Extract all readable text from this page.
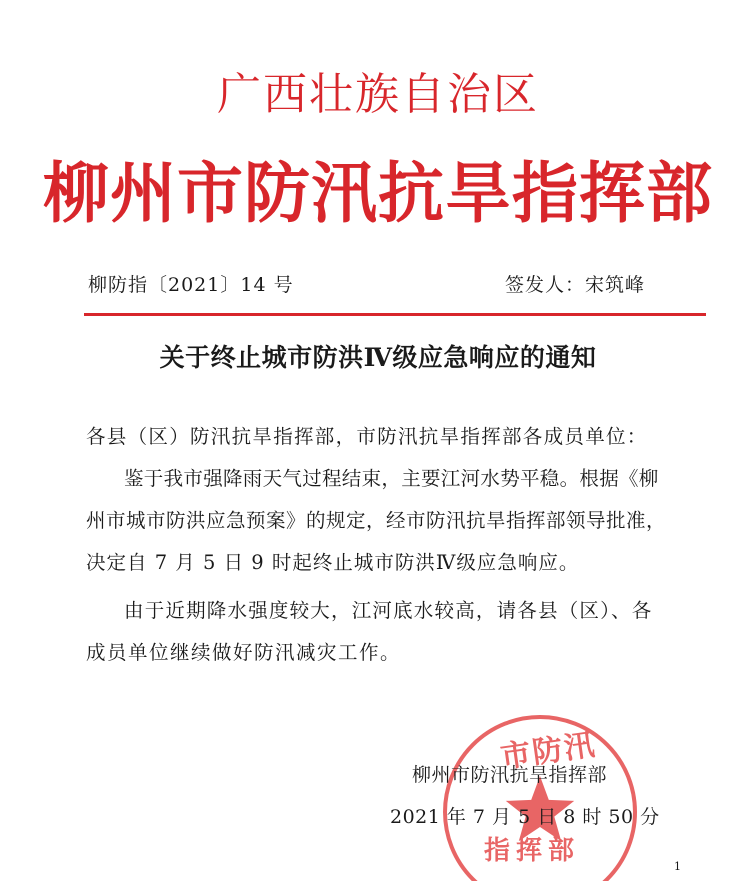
广西壮族自治区
柳州市防汛抗旱指挥部
柳防指〔2021〕14 号	签发人：宋筑峰
关于终止城市防洪Ⅳ级应急响应的通知
各县（区）防汛抗旱指挥部，市防汛抗旱指挥部各成员单位：
鉴于我市强降雨天气过程结束，主要江河水势平稳。根据《柳
州市城市防洪应急预案》的规定，经市防汛抗旱指挥部领导批准，
决定自 7 月 5 日 9 时起终止城市防洪Ⅳ级应急响应。
由于近期降水强度较大，江河底水较高，请各县（区）、各
成员单位继续做好防汛减灾工作。
市防汛
指挥部
柳州市防汛抗旱指挥部
2021 年 7 月 5 日 8 时 50 分
1
